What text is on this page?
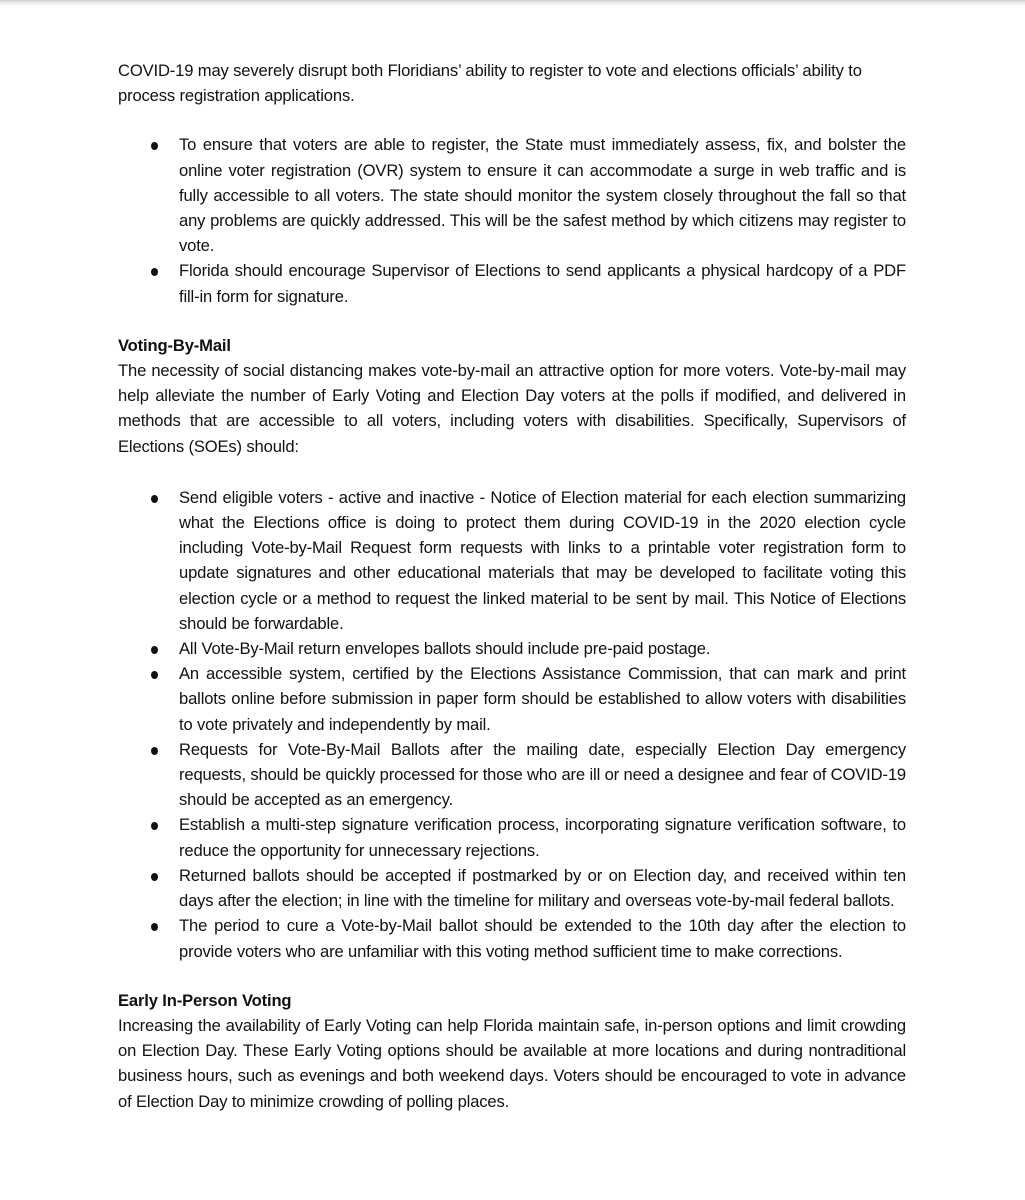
COVID-19 may severely disrupt both Floridians’ ability to register to vote and elections officials’ ability to process registration applications.

To ensure that voters are able to register, the State must immediately assess, fix, and bolster the online voter registration (OVR) system to ensure it can accommodate a surge in web traffic and is fully accessible to all voters. The state should monitor the system closely throughout the fall so that any problems are quickly addressed. This will be the safest method by which citizens may register to vote.
Florida should encourage Supervisor of Elections to send applicants a physical hardcopy of a PDF fill-in form for signature.
Voting-By-Mail

The necessity of social distancing makes vote-by-mail an attractive option for more voters. Vote-by-mail may help alleviate the number of Early Voting and Election Day voters at the polls if modified, and delivered in methods that are accessible to all voters, including voters with disabilities. Specifically, Supervisors of Elections (SOEs) should:

Send eligible voters - active and inactive - Notice of Election material for each election summarizing what the Elections office is doing to protect them during COVID-19 in the 2020 election cycle including Vote-by-Mail Request form requests with links to a printable voter registration form to update signatures and other educational materials that may be developed to facilitate voting this election cycle or a method to request the linked material to be sent by mail. This Notice of Elections should be forwardable.
All Vote-By-Mail return envelopes ballots should include pre-paid postage.
An accessible system, certified by the Elections Assistance Commission, that can mark and print ballots online before submission in paper form should be established to allow voters with disabilities to vote privately and independently by mail.
Requests for Vote-By-Mail Ballots after the mailing date, especially Election Day emergency requests, should be quickly processed for those who are ill or need a designee and fear of COVID-19 should be accepted as an emergency.
Establish a multi-step signature verification process, incorporating signature verification software, to reduce the opportunity for unnecessary rejections.
Returned ballots should be accepted if postmarked by or on Election day, and received within ten days after the election; in line with the timeline for military and overseas vote-by-mail federal ballots.
The period to cure a Vote-by-Mail ballot should be extended to the 10th day after the election to provide voters who are unfamiliar with this voting method sufficient time to make corrections.
Early In-Person Voting

Increasing the availability of Early Voting can help Florida maintain safe, in-person options and limit crowding on Election Day. These Early Voting options should be available at more locations and during nontraditional business hours, such as evenings and both weekend days. Voters should be encouraged to vote in advance of Election Day to minimize crowding of polling places.
